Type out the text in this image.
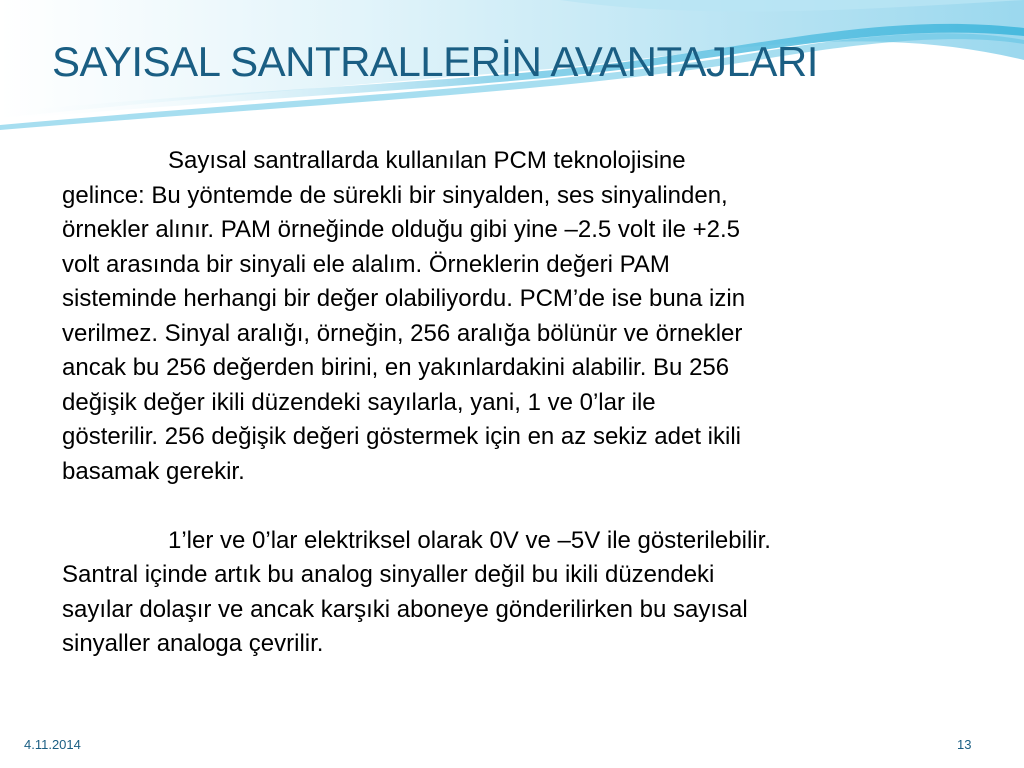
SAYISAL SANTRALLERİN AVANTAJLARI

Sayısal santrallarda kullanılan PCM teknolojisine
gelince: Bu yöntemde de sürekli bir sinyalden, ses sinyalinden,
örnekler alınır. PAM örneğinde olduğu gibi yine –2.5 volt ile +2.5
volt arasında bir sinyali ele alalım. Örneklerin değeri PAM
sisteminde herhangi bir değer olabiliyordu. PCM’de ise buna izin
verilmez. Sinyal aralığı, örneğin, 256 aralığa bölünür ve örnekler
ancak bu 256 değerden birini, en yakınlardakini alabilir. Bu 256
değişik değer ikili düzendeki sayılarla, yani, 1 ve 0’lar ile
gösterilir. 256 değişik değeri göstermek için en az sekiz adet ikili
basamak gerekir.

1’ler ve 0’lar elektriksel olarak 0V ve –5V ile gösterilebilir.
Santral içinde artık bu analog sinyaller değil bu ikili düzendeki
sayılar dolaşır ve ancak karşıki aboneye gönderilirken bu sayısal
sinyaller analoga çevrilir.

4.11.2014	13
